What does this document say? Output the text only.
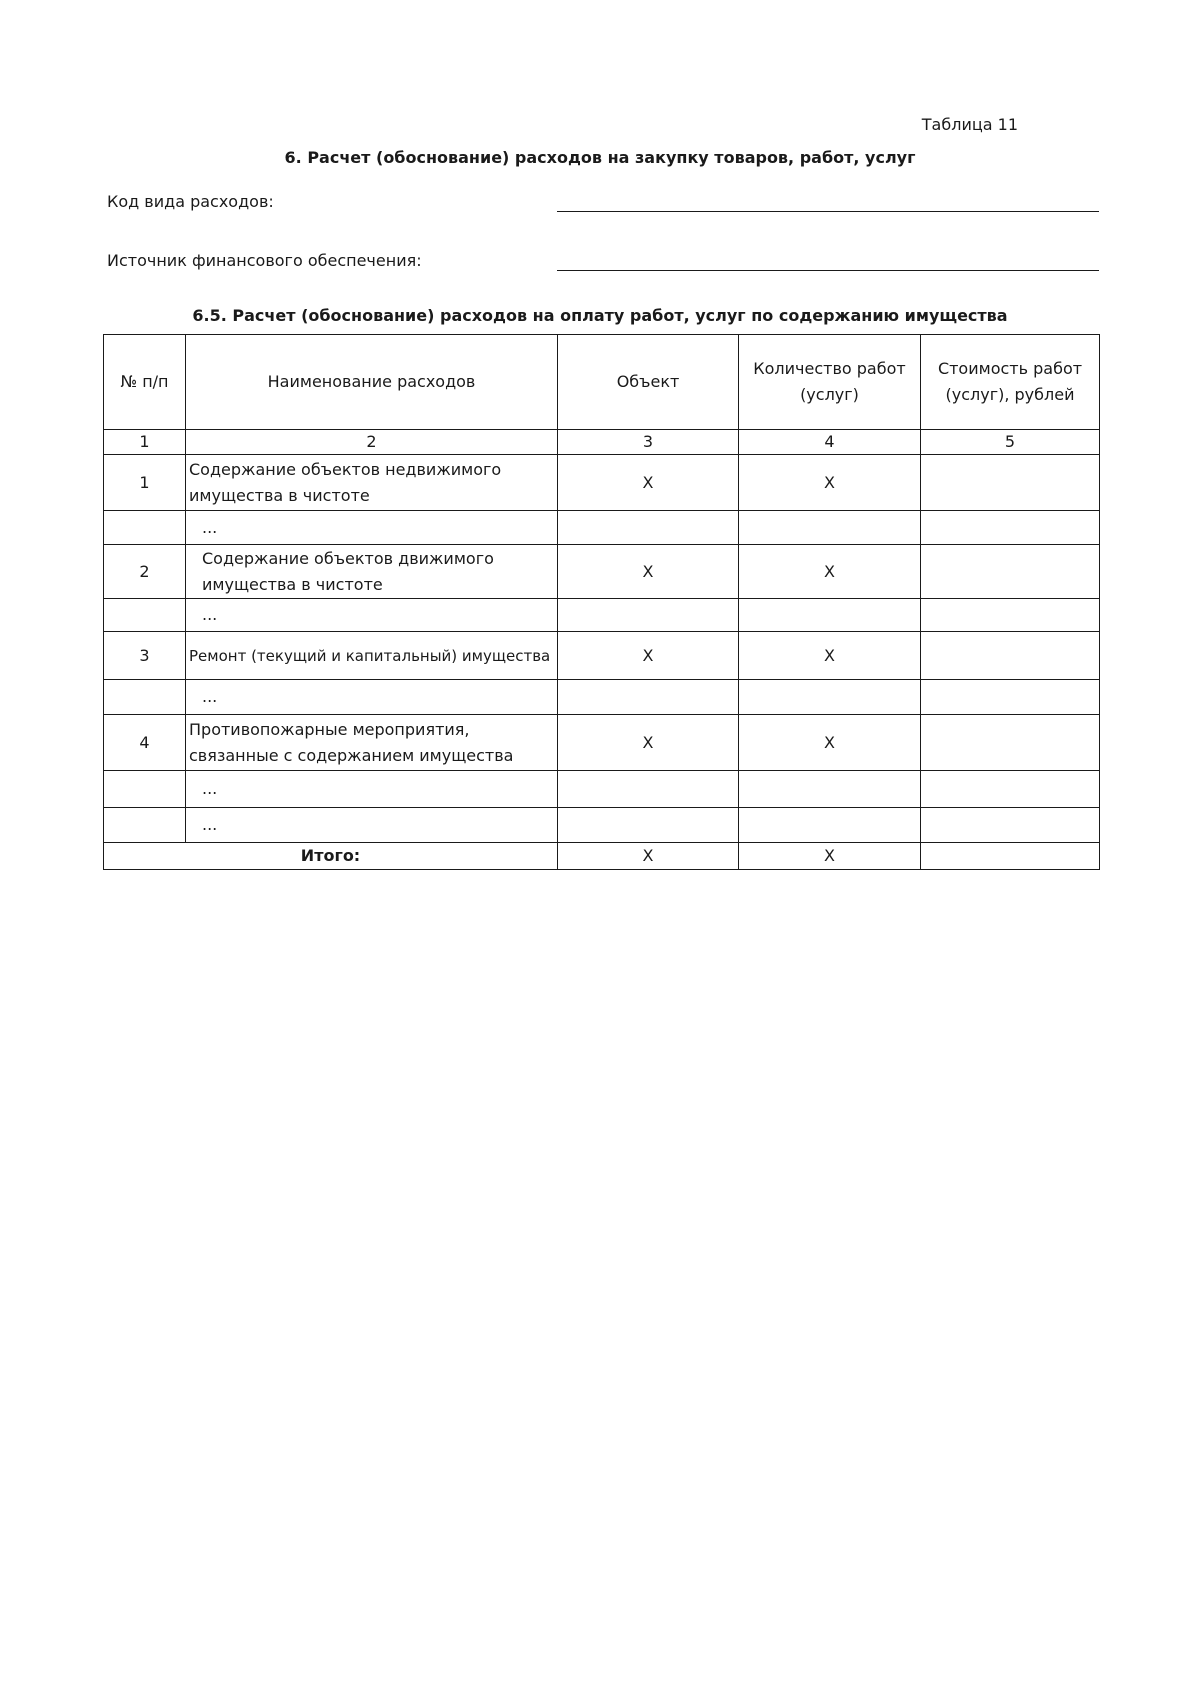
Таблица 11
6. Расчет (обоснование) расходов на закупку товаров, работ, услуг
Код вида расходов:
Источник финансового обеспечения:
6.5. Расчет (обоснование) расходов на оплату работ, услуг по содержанию имущества
№ п/п	Наименование расходов	Объект	Количество работ (услуг)	Стоимость работ (услуг), рублей
1	2	3	4	5
1	Содержание объектов недвижимого имущества в чистоте	Х	Х	
	...			
2	Содержание объектов движимого имущества в чистоте	Х	Х	
	...			
3	Ремонт (текущий и капитальный) имущества	Х	Х	
	...			
4	Противопожарные мероприятия, связанные с содержанием имущества	Х	Х	
	...			
	...			
Итого:		Х	Х	
